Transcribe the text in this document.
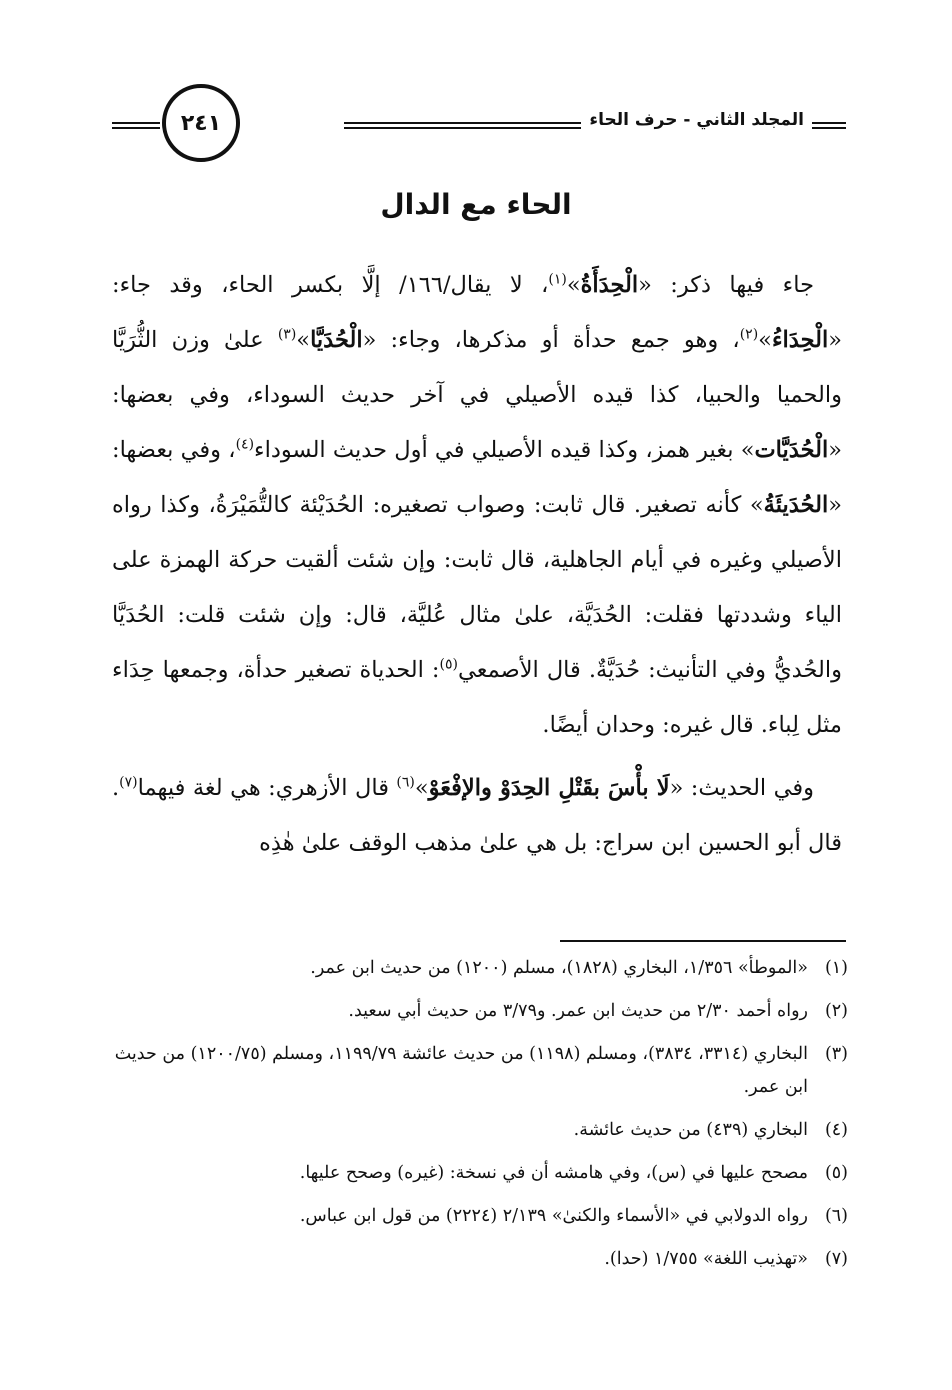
٢٤١	المجلد الثاني - حرف الحاء
الحاء مع الدال

جاء فيها ذكر: «الْحِدَأَةُ»$^{(١)}$، لا يقال/١٦٦/ إلَّا بكسر الحاء، وقد جاء: «الْحِدَاءُ»$^{(٢)}$، وهو جمع حدأة أو مذكرها، وجاء: «الْحُدَيَّا»$^{(٣)}$ علىٰ وزن الثُّرَيَّا والحميا والحبيا، كذا قيده الأصيلي في آخر حديث السوداء، وفي بعضها: «الْحُدَيَّات» بغير همز، وكذا قيده الأصيلي في أول حديث السوداء$^{(٤)}$، وفي بعضها: «الحُدَيئَةُ» كأنه تصغير. قال ثابت: وصواب تصغيره: الحُدَيْئة كالتُّمَيْرَةُ، وكذا رواه الأصيلي وغيره في أيام الجاهلية، قال ثابت: وإن شئت ألقيت حركة الهمزة على الياء وشددتها فقلت: الحُدَيَّة، علىٰ مثال عُليَّة، قال: وإن شئت قلت: الحُدَيَّا والحُديُّ وفي التأنيث: حُدَيَّةٌ. قال الأصمعي$^{(٥)}$: الحدياة تصغير حدأة، وجمعها حِدَاء مثل لِباء. قال غيره: وحدان أيضًا.

وفي الحديث: «لَا بأْسَ بقَتْلِ الحِدَوْ والإفْعَوْ»$^{(٦)}$ قال الأزهري: هي لغة فيهما$^{(٧)}$. قال أبو الحسين ابن سراج: بل هي علىٰ مذهب الوقف علىٰ هٰذِه

(١)
«الموطأ» ١/٣٥٦، البخاري (١٨٢٨)، مسلم (١٢٠٠) من حديث ابن عمر.
(٢)
رواه أحمد ٢/٣٠ من حديث ابن عمر. و٣/٧٩ من حديث أبي سعيد.
(٣)
البخاري (٣٣١٤، ٣٨٣٤)، ومسلم (١١٩٨) من حديث عائشة ١١٩٩/٧٩، ومسلم (١٢٠٠/٧٥) من حديث ابن عمر.
(٤)
البخاري (٤٣٩) من حديث عائشة.
(٥)
مصحح عليها في (س)، وفي هامشه أن في نسخة: (غيره) وصحح عليها.
(٦)
رواه الدولابي في «الأسماء والكنىٰ» ٢/١٣٩ (٢٢٢٤) من قول ابن عباس.
(٧)
«تهذيب اللغة» ١/٧٥٥ (حدا).
